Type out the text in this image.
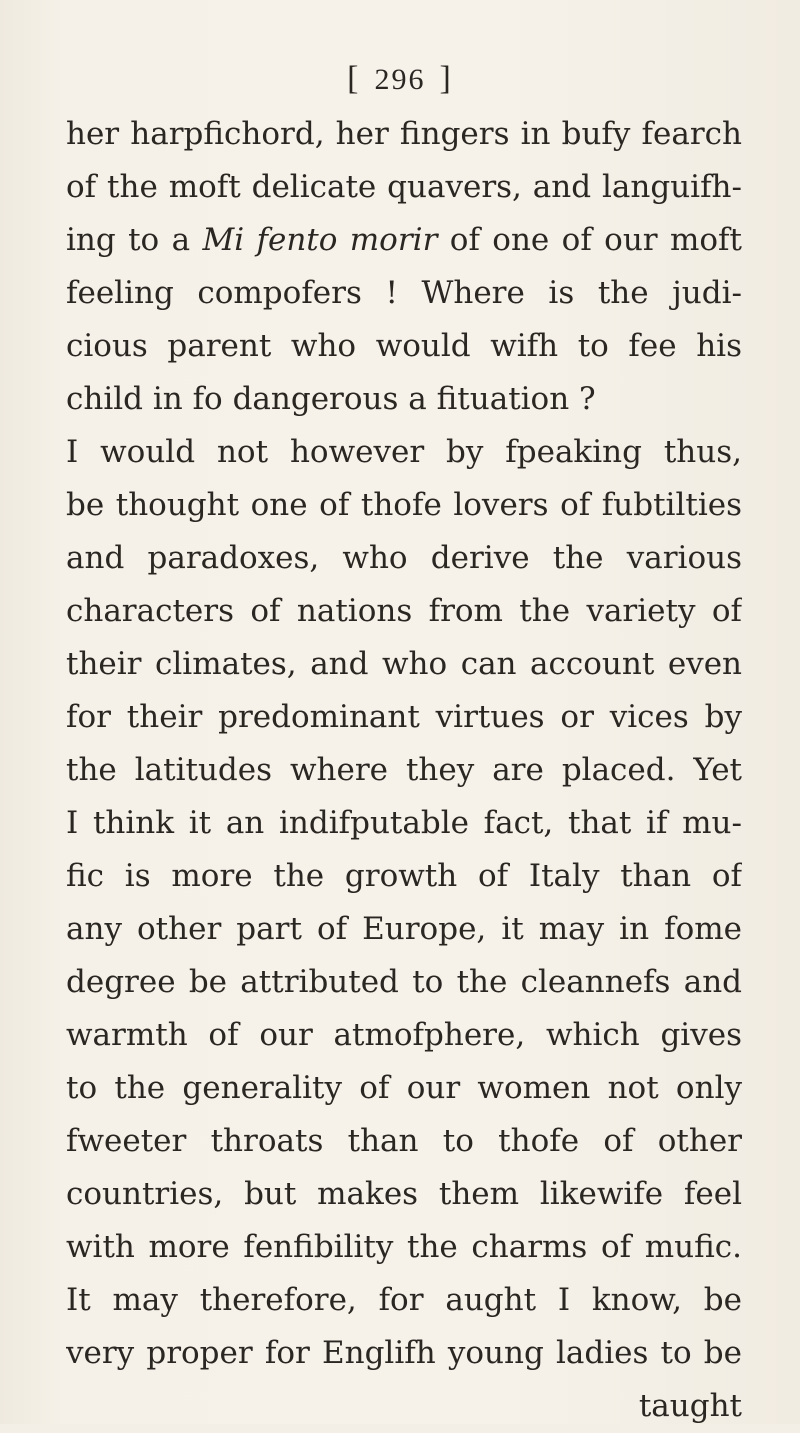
[ 296 ]
her harpfichord, her fingers in bufy fearch
of the moft delicate quavers, and languifh-
ing to a Mi fento morir of one of our moft
feeling compofers ! Where is the judi-
cious parent who would wifh to fee his
child in fo dangerous a fituation ?
I would not however by fpeaking thus,
be thought one of thofe lovers of fubtilties
and paradoxes, who derive the various
characters of nations from the variety of
their climates, and who can account even
for their predominant virtues or vices by
the latitudes where they are placed. Yet
I think it an indifputable fact, that if mu-
fic is more the growth of Italy than of
any other part of Europe, it may in fome
degree be attributed to the cleannefs and
warmth of our atmofphere, which gives
to the generality of our women not only
fweeter throats than to thofe of other
countries, but makes them likewife feel
with more fenfibility the charms of mufic.
It may therefore, for aught I know, be
very proper for Englifh young ladies to be
taught
